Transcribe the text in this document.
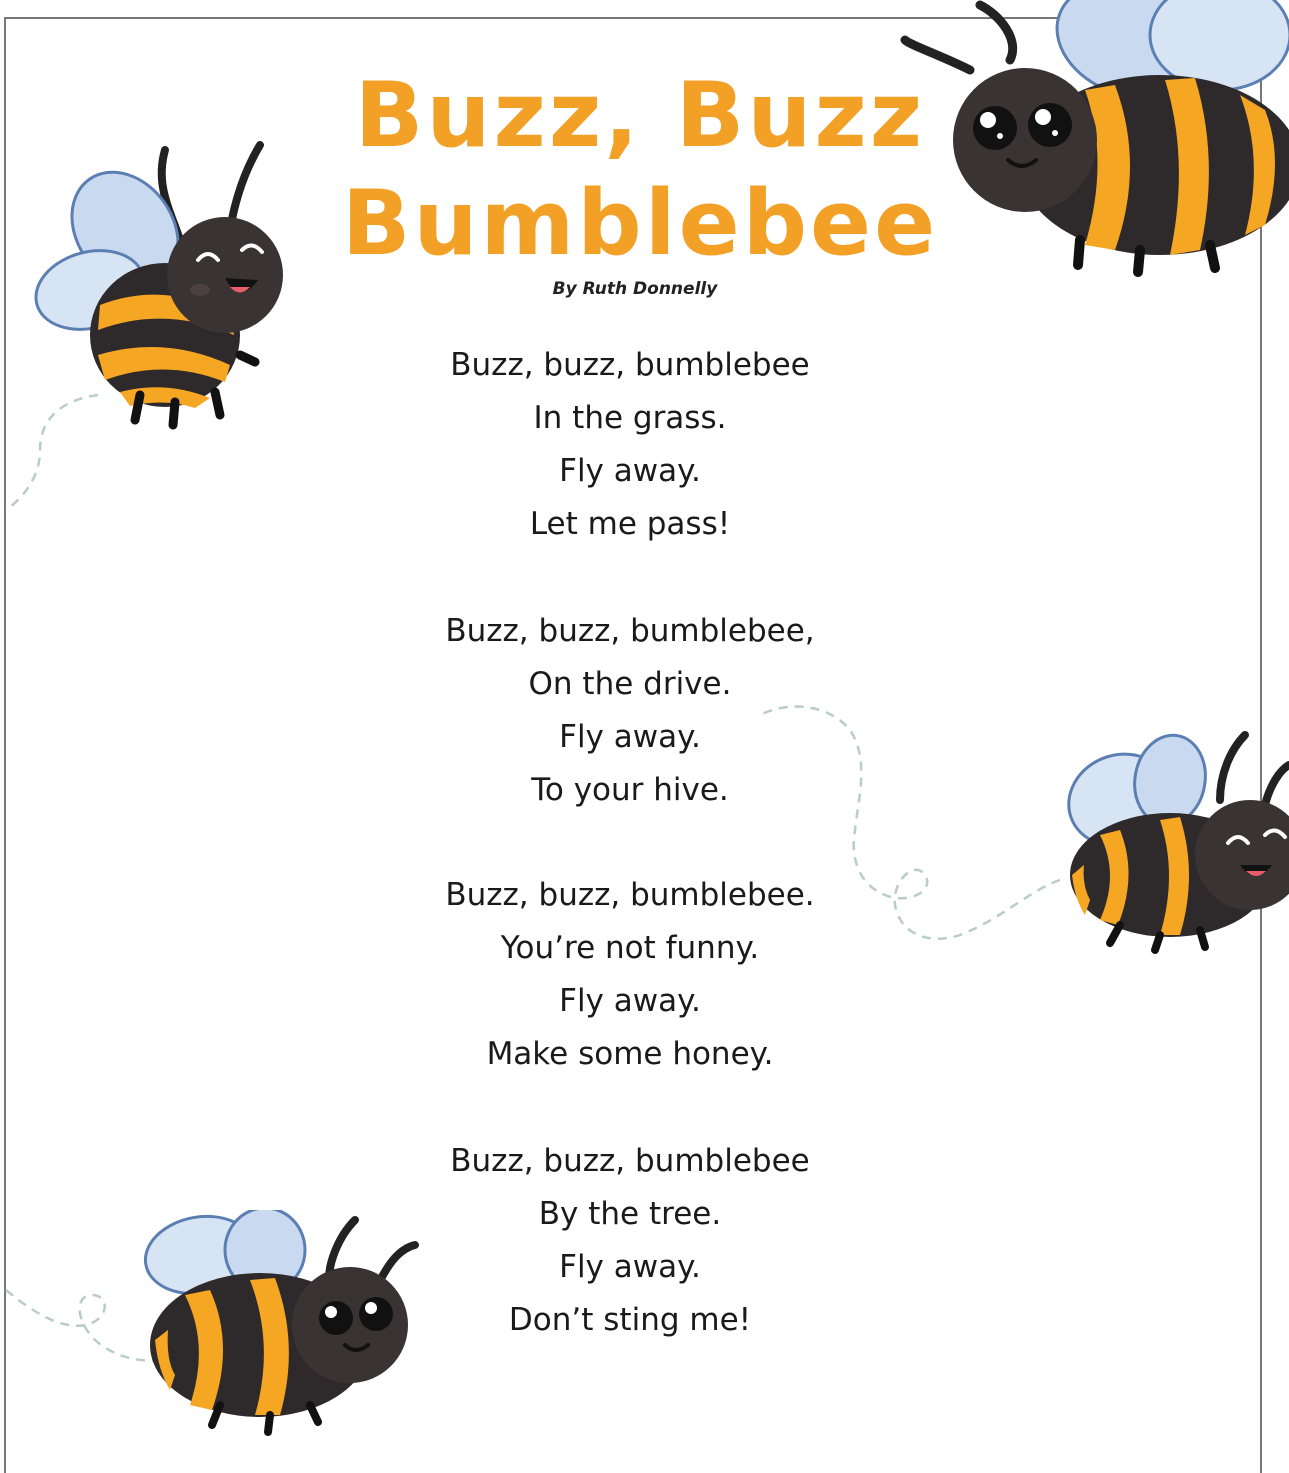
Buzz, Buzz
Bumblebee
By Ruth Donnelly
Buzz, buzz, bumblebee
In the grass.
Fly away.
Let me pass!
Buzz, buzz, bumblebee,
On the drive.
Fly away.
To your hive.
Buzz, buzz, bumblebee.
You’re not funny.
Fly away.
Make some honey.
Buzz, buzz, bumblebee
By the tree.
Fly away.
Don’t sting me!
